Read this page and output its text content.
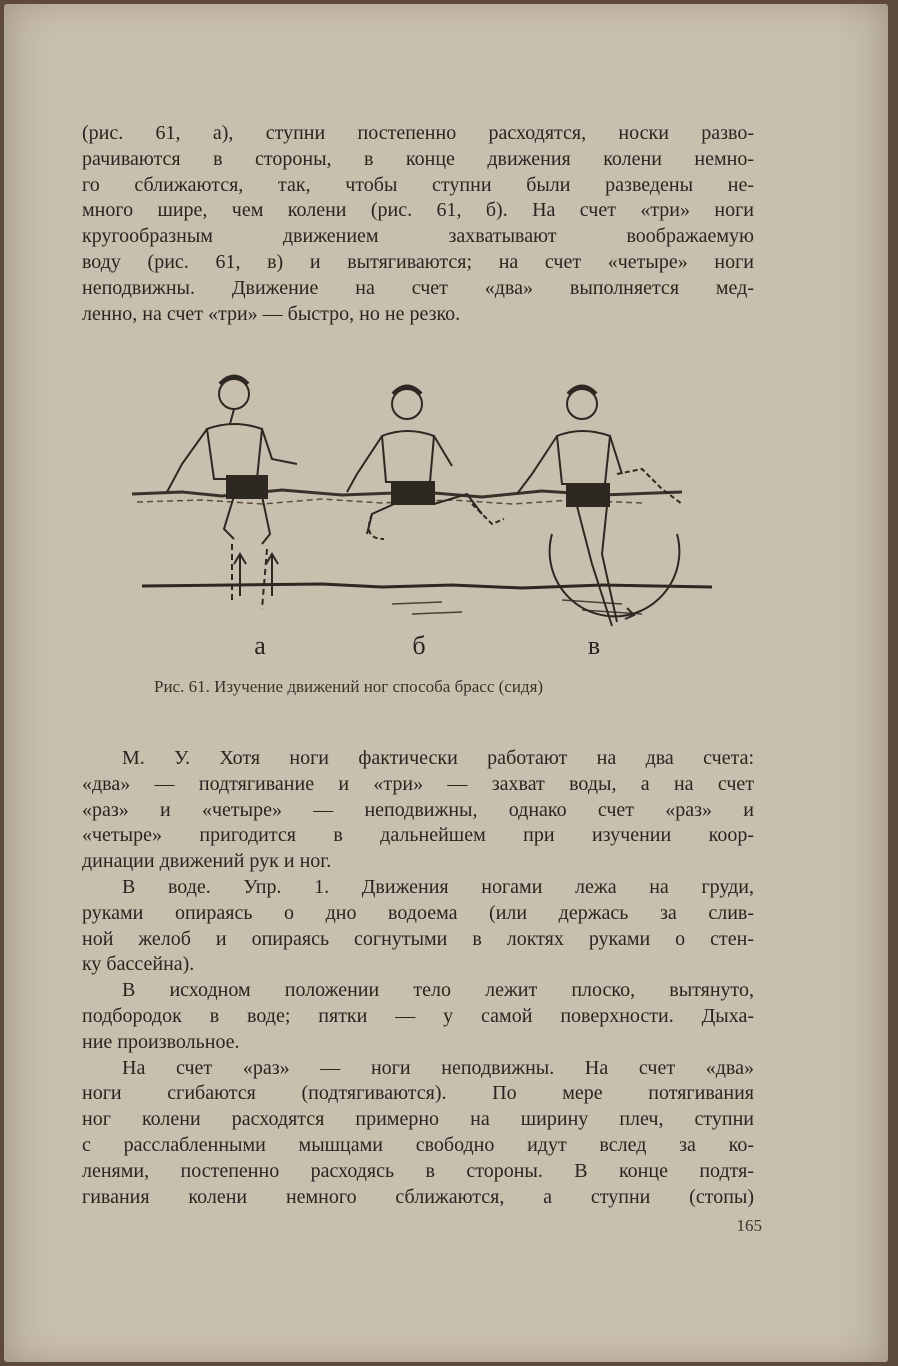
(рис. 61, а), ступни постепенно расходятся, носки разво-
рачиваются в стороны, в конце движения колени немно-
го сближаются, так, чтобы ступни были разведены не-
много шире, чем колени (рис. 61, б). На счет «три» ноги
кругообразным движением захватывают воображаемую
воду (рис. 61, в) и вытягиваются; на счет «четыре» ноги
неподвижны. Движение на счет «два» выполняется мед-
ленно, на счет «три» — быстро, но не резко.
а	б	в
Рис. 61. Изучение движений ног способа брасс (сидя)
М. У. Хотя ноги фактически работают на два счета:
«два» — подтягивание и «три» — захват воды, а на счет
«раз» и «четыре» — неподвижны, однако счет «раз» и
«четыре» пригодится в дальнейшем при изучении коор-
динации движений рук и ног.
В воде. Упр. 1. Движения ногами лежа на груди,
руками опираясь о дно водоема (или держась за слив-
ной желоб и опираясь согнутыми в локтях руками о стен-
ку бассейна).
В исходном положении тело лежит плоско, вытянуто,
подбородок в воде; пятки — у самой поверхности. Дыха-
ние произвольное.
На счет «раз» — ноги неподвижны. На счет «два»
ноги сгибаются (подтягиваются). По мере потягивания
ног колени расходятся примерно на ширину плеч, ступни
с расслабленными мышцами свободно идут вслед за ко-
ленями, постепенно расходясь в стороны. В конце подтя-
гивания колени немного сближаются, а ступни (стопы)
165
